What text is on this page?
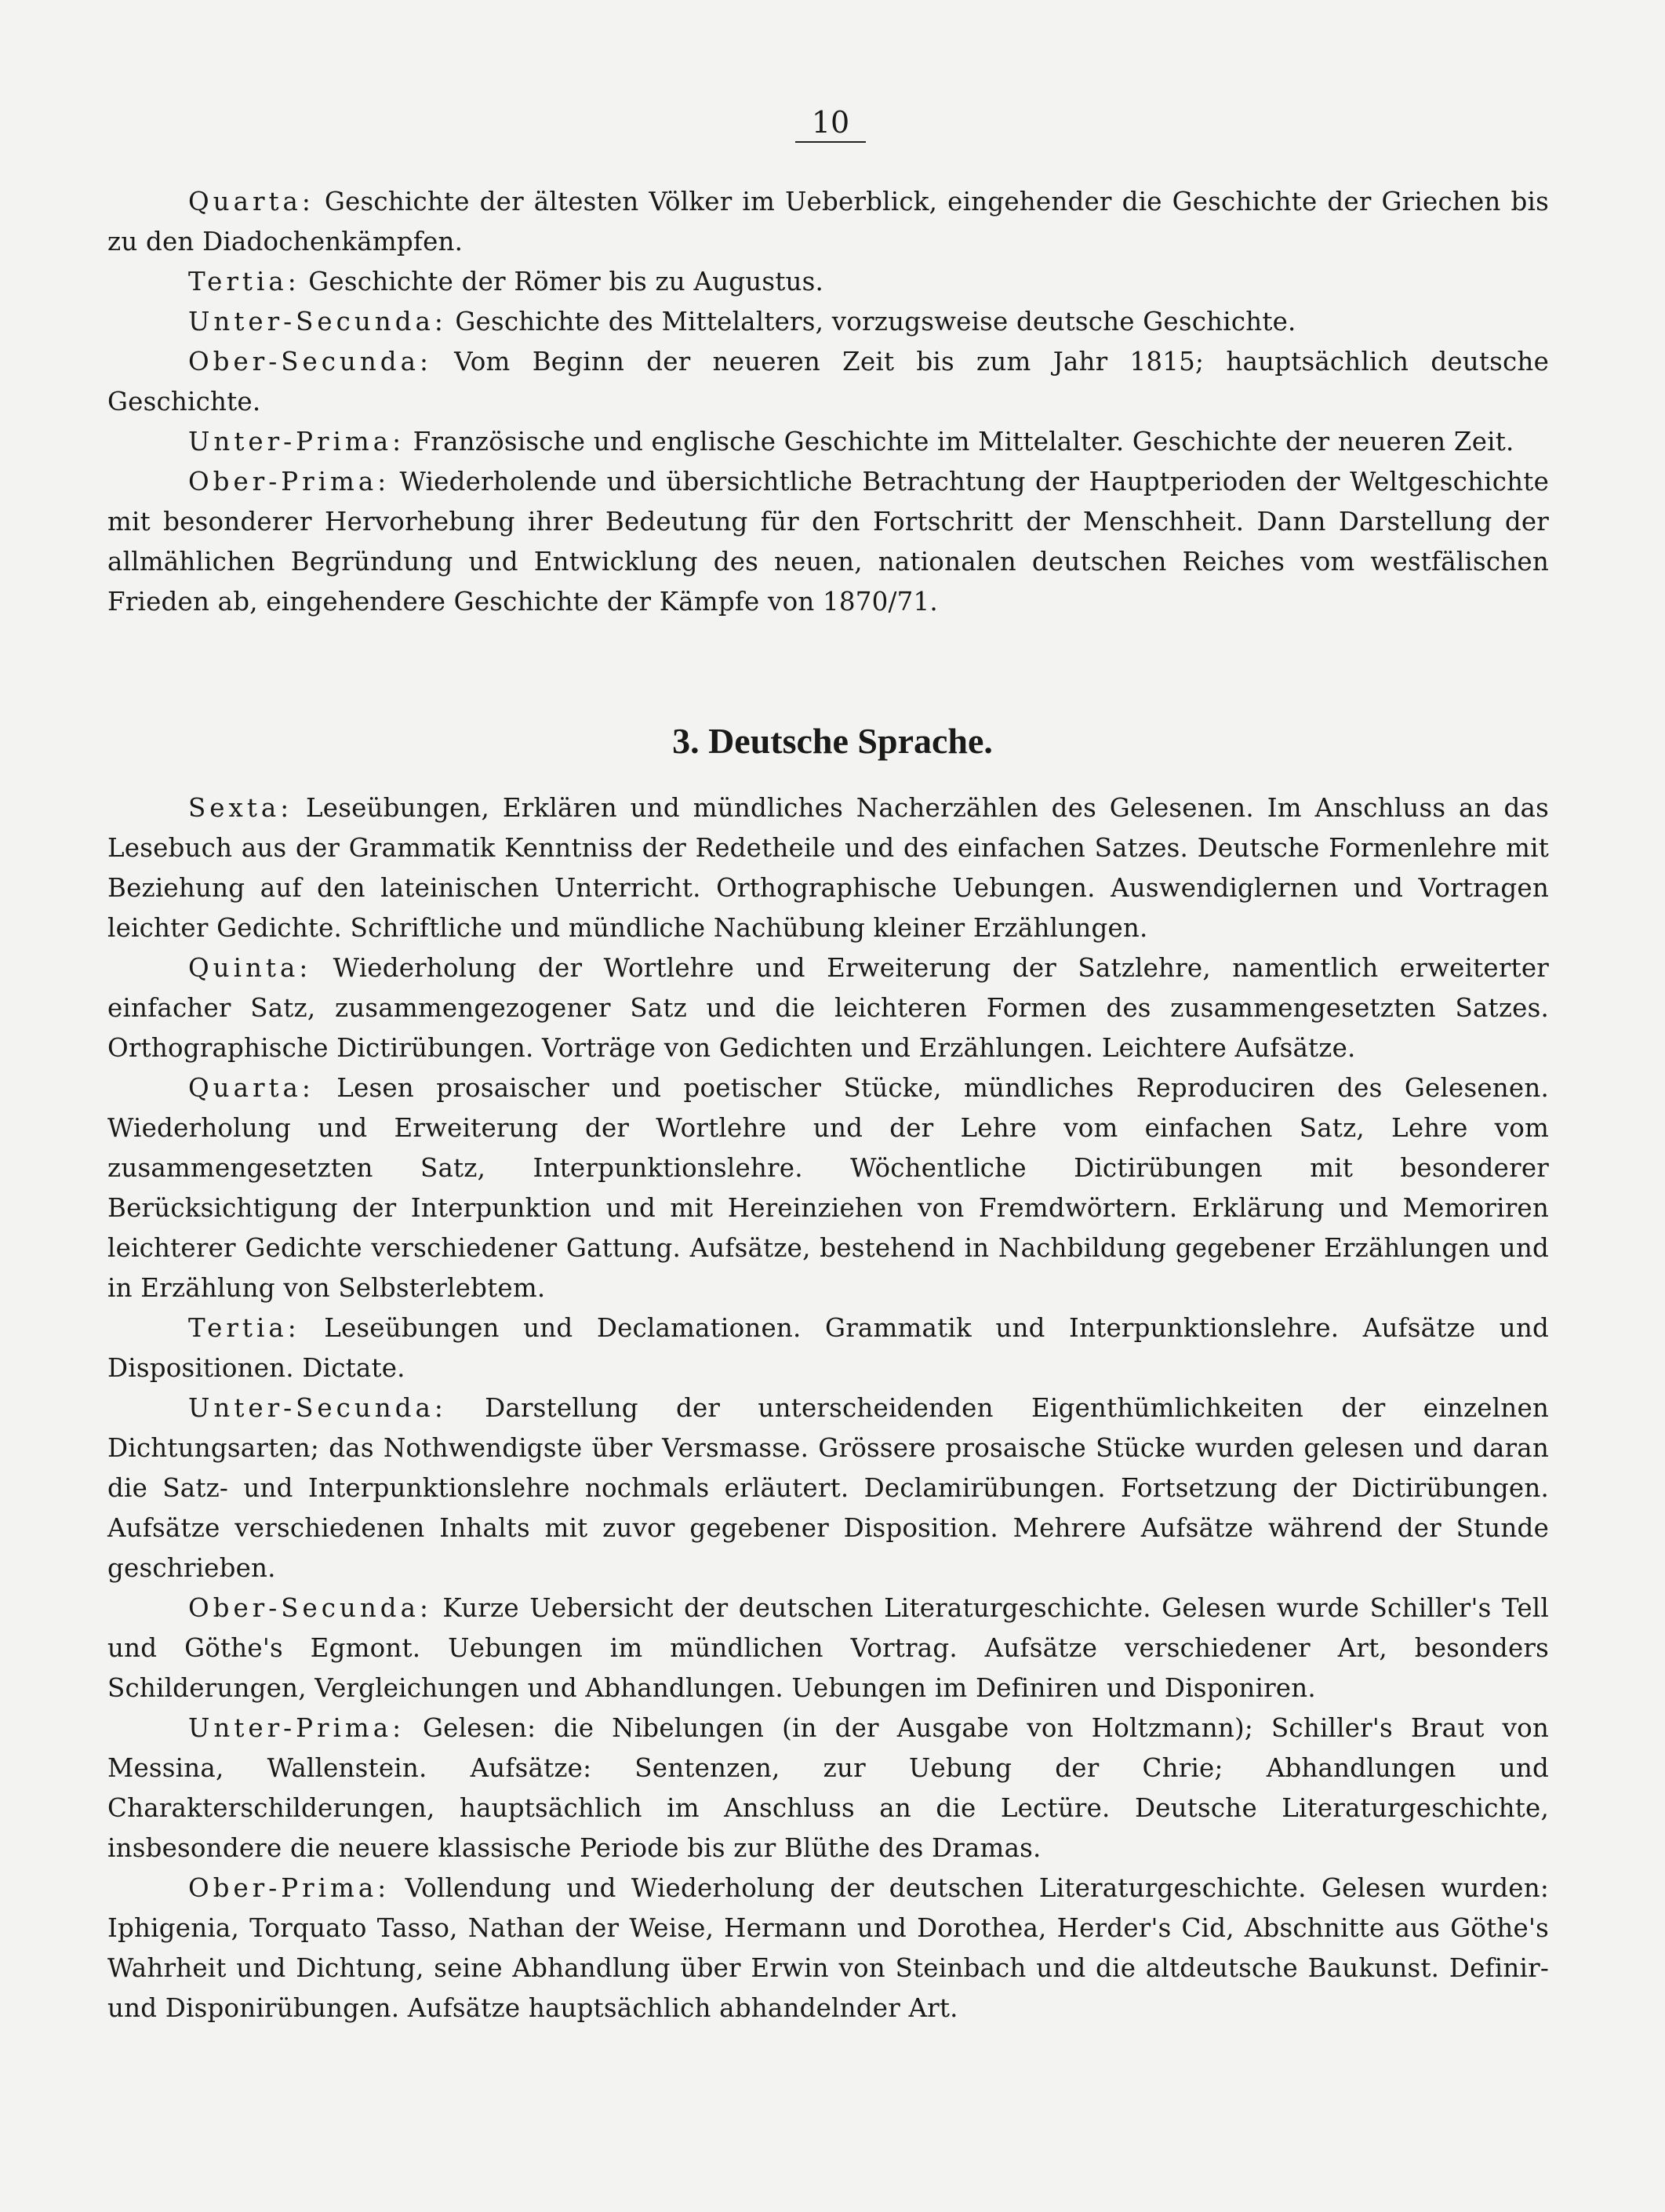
10

Quarta: Geschichte der ältesten Völker im Ueberblick, eingehender die Geschichte der Griechen bis zu den Diadochenkämpfen.

Tertia: Geschichte der Römer bis zu Augustus.

Unter-Secunda: Geschichte des Mittelalters, vorzugsweise deutsche Geschichte.

Ober-Secunda: Vom Beginn der neueren Zeit bis zum Jahr 1815; hauptsächlich deutsche Geschichte.

Unter-Prima: Französische und englische Geschichte im Mittelalter. Geschichte der neueren Zeit.

Ober-Prima: Wiederholende und übersichtliche Betrachtung der Hauptperioden der Weltgeschichte mit besonderer Hervorhebung ihrer Bedeutung für den Fortschritt der Menschheit. Dann Darstellung der allmählichen Begründung und Entwicklung des neuen, nationalen deutschen Reiches vom westfälischen Frieden ab, eingehendere Geschichte der Kämpfe von 1870/71.

3. Deutsche Sprache.

Sexta: Leseübungen, Erklären und mündliches Nacherzählen des Gelesenen. Im Anschluss an das Lesebuch aus der Grammatik Kenntniss der Redetheile und des einfachen Satzes. Deutsche Formenlehre mit Beziehung auf den lateinischen Unterricht. Orthographische Uebungen. Auswendiglernen und Vortragen leichter Gedichte. Schriftliche und mündliche Nachübung kleiner Erzählungen.

Quinta: Wiederholung der Wortlehre und Erweiterung der Satzlehre, namentlich erweiterter einfacher Satz, zusammengezogener Satz und die leichteren Formen des zusammengesetzten Satzes. Orthographische Dictirübungen. Vorträge von Gedichten und Erzählungen. Leichtere Aufsätze.

Quarta: Lesen prosaischer und poetischer Stücke, mündliches Reproduciren des Gelesenen. Wiederholung und Erweiterung der Wortlehre und der Lehre vom einfachen Satz, Lehre vom zusammengesetzten Satz, Interpunktionslehre. Wöchentliche Dictirübungen mit besonderer Berücksichtigung der Interpunktion und mit Hereinziehen von Fremdwörtern. Erklärung und Memoriren leichterer Gedichte verschiedener Gattung. Aufsätze, bestehend in Nachbildung gegebener Erzählungen und in Erzählung von Selbsterlebtem.

Tertia: Leseübungen und Declamationen. Grammatik und Interpunktionslehre. Aufsätze und Dispositionen. Dictate.

Unter-Secunda: Darstellung der unterscheidenden Eigenthümlichkeiten der einzelnen Dichtungsarten; das Nothwendigste über Versmasse. Grössere prosaische Stücke wurden gelesen und daran die Satz- und Interpunktionslehre nochmals erläutert. Declamirübungen. Fortsetzung der Dictirübungen. Aufsätze verschiedenen Inhalts mit zuvor gegebener Disposition. Mehrere Aufsätze während der Stunde geschrieben.

Ober-Secunda: Kurze Uebersicht der deutschen Literaturgeschichte. Gelesen wurde Schiller's Tell und Göthe's Egmont. Uebungen im mündlichen Vortrag. Aufsätze verschiedener Art, besonders Schilderungen, Vergleichungen und Abhandlungen. Uebungen im Definiren und Disponiren.

Unter-Prima: Gelesen: die Nibelungen (in der Ausgabe von Holtzmann); Schiller's Braut von Messina, Wallenstein. Aufsätze: Sentenzen, zur Uebung der Chrie; Abhandlungen und Charakterschilderungen, hauptsächlich im Anschluss an die Lectüre. Deutsche Literaturgeschichte, insbesondere die neuere klassische Periode bis zur Blüthe des Dramas.

Ober-Prima: Vollendung und Wiederholung der deutschen Literaturgeschichte. Gelesen wurden: Iphigenia, Torquato Tasso, Nathan der Weise, Hermann und Dorothea, Herder's Cid, Abschnitte aus Göthe's Wahrheit und Dichtung, seine Abhandlung über Erwin von Steinbach und die altdeutsche Baukunst. Definir- und Disponirübungen. Aufsätze hauptsächlich abhandelnder Art.
